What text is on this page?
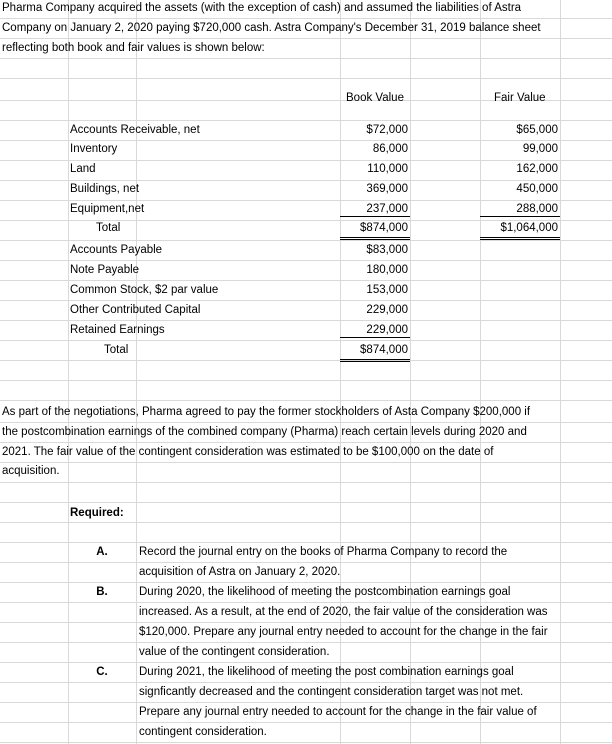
Pharma Company acquired the assets (with the exception of cash) and assumed the liabilities of Astra
Company on January 2, 2020 paying $720,000 cash. Astra Company's December 31, 2019 balance sheet
reflecting both book and fair values is shown below:
Book Value	Fair Value
Accounts Receivable, net	$72,000	$65,000
Inventory	86,000	99,000
Land	110,000	162,000
Buildings, net	369,000	450,000
Equipment,net	237,000	288,000
Total	$874,000	$1,064,000
Accounts Payable	$83,000
Note Payable	180,000
Common Stock, $2 par value	153,000
Other Contributed Capital	229,000
Retained Earnings	229,000
Total	$874,000
As part of the negotiations, Pharma agreed to pay the former stockholders of Asta Company $200,000 if
the postcombination earnings of the combined company (Pharma) reach certain levels during 2020 and
2021. The fair value of the contingent consideration was estimated to be $100,000 on the date of
acquisition.
Required:
A.	Record the journal entry on the books of Pharma Company to record the
acquisition of Astra on January 2, 2020.
B.	During 2020, the likelihood of meeting the postcombination earnings goal
increased. As a result, at the end of 2020, the fair value of the consideration was
$120,000. Prepare any journal entry needed to account for the change in the fair
value of the contingent consideration.
C.	During 2021, the likelihood of meeting the post combination earnings goal
signficantly decreased and the contingent consideration target was not met.
Prepare any journal entry needed to account for the change in the fair value of
contingent consideration.
